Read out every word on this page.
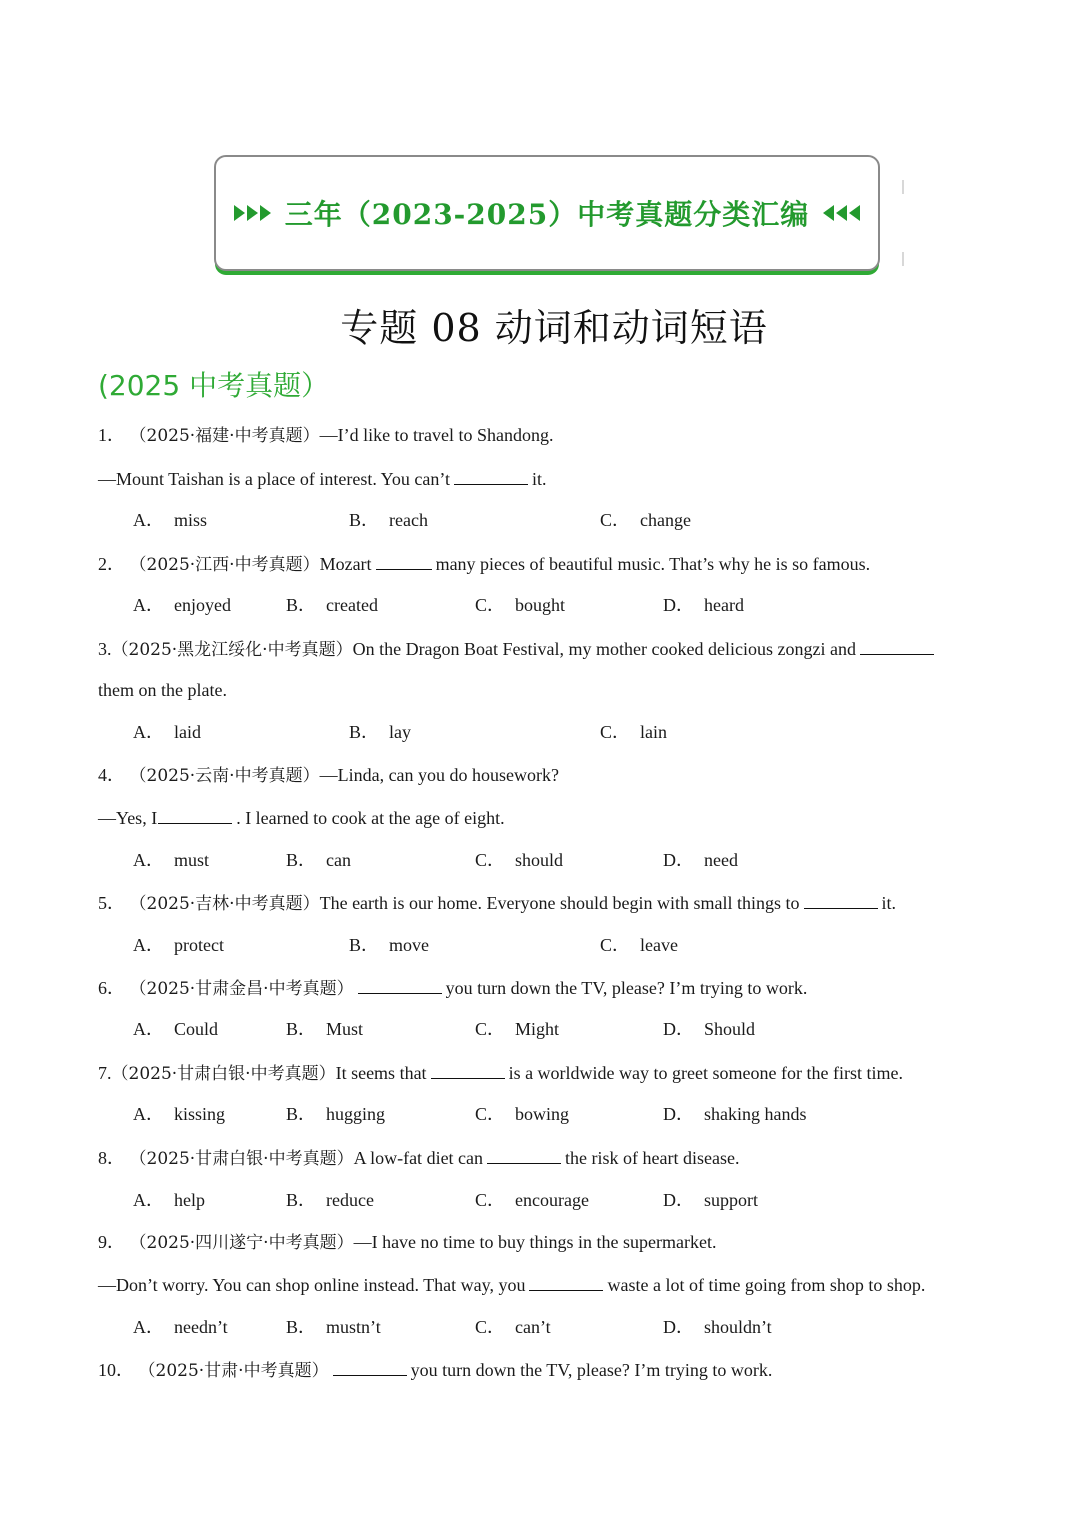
三年（2023-2025）中考真题分类汇编
专题 08 动词和动词短语
(2025 中考真题）
1． （2025·福建·中考真题）—I’d like to travel to Shandong.
—Mount Taishan is a place of interest. You can’t	it.
A． miss	B． reach	C． change
2． （2025·江西·中考真题）Mozart	many pieces of beautiful music. That’s why he is so famous.
A． enjoyed	B． created	C． bought	D． heard
3.（2025·黑龙江绥化·中考真题）On the Dragon Boat Festival, my mother cooked delicious zongzi and
them on the plate.
A． laid	B． lay	C． lain
4． （2025·云南·中考真题）—Linda, can you do housework?
—Yes, I	. I learned to cook at the age of eight.
A． must	B． can	C． should	D． need
5． （2025·吉林·中考真题）The earth is our home. Everyone should begin with small things to	it.
A． protect	B． move	C． leave
6． （2025·甘肃金昌·中考真题）	you turn down the TV, please? I’m trying to work.
A． Could	B． Must	C． Might	D． Should
7.（2025·甘肃白银·中考真题）It seems that	is a worldwide way to greet someone for the first time.
A． kissing	B． hugging	C． bowing	D． shaking hands
8． （2025·甘肃白银·中考真题）A low-fat diet can	the risk of heart disease.
A． help	B． reduce	C． encourage	D． support
9． （2025·四川遂宁·中考真题）—I have no time to buy things in the supermarket.
—Don’t worry. You can shop online instead. That way, you	waste a lot of time going from shop to shop.
A． needn’t	B． mustn’t	C． can’t	D． shouldn’t
10． （2025·甘肃·中考真题）	you turn down the TV, please? I’m trying to work.
